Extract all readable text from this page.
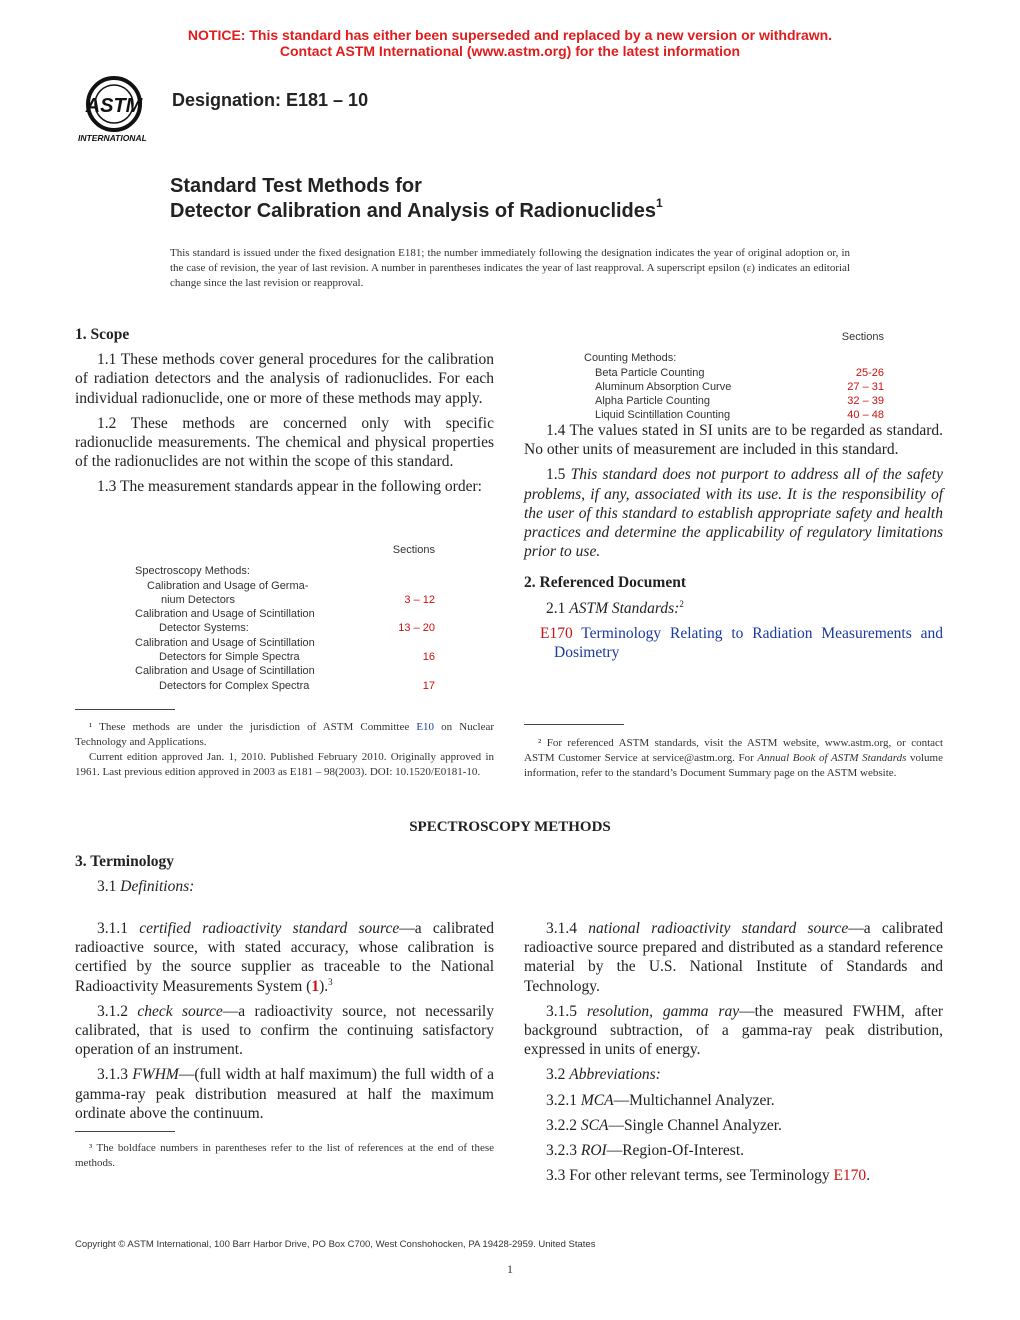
NOTICE: This standard has either been superseded and replaced by a new version or withdrawn.
Contact ASTM International (www.astm.org) for the latest information
ASTM
INTERNATIONAL
Designation: E181 – 10
Standard Test Methods for
Detector Calibration and Analysis of Radionuclides$^1$
This standard is issued under the fixed designation E181; the number immediately following the designation indicates the year of original adoption or, in the case of revision, the year of last revision. A number in parentheses indicates the year of last reapproval. A superscript epsilon (ε) indicates an editorial change since the last revision or reapproval.
1. Scope

1.1 These methods cover general procedures for the calibration of radiation detectors and the analysis of radionuclides. For each individual radionuclide, one or more of these methods may apply.

1.2 These methods are concerned only with specific radionuclide measurements. The chemical and physical properties of the radionuclides are not within the scope of this standard.

1.3 The measurement standards appear in the following order:

Sections
Spectroscopy Methods:
Calibration and Usage of Germa-
nium Detectors	3 – 12
Calibration and Usage of Scintillation
Detector Systems:	13 – 20
Calibration and Usage of Scintillation
Detectors for Simple Spectra	16
Calibration and Usage of Scintillation
Detectors for Complex Spectra	17

¹ These methods are under the jurisdiction of ASTM Committee E10 on Nuclear Technology and Applications.

Current edition approved Jan. 1, 2010. Published February 2010. Originally approved in 1961. Last previous edition approved in 2003 as E181 – 98(2003). DOI: 10.1520/E0181-10.

Sections
Counting Methods:
Beta Particle Counting	25-26
Aluminum Absorption Curve	27 – 31
Alpha Particle Counting	32 – 39
Liquid Scintillation Counting	40 – 48

1.4 The values stated in SI units are to be regarded as standard. No other units of measurement are included in this standard.

1.5 This standard does not purport to address all of the safety problems, if any, associated with its use. It is the responsibility of the user of this standard to establish appropriate safety and health practices and determine the applicability of regulatory limitations prior to use.

2. Referenced Document

2.1 ASTM Standards:$^2$

E170 Terminology Relating to Radiation Measurements and Dosimetry

² For referenced ASTM standards, visit the ASTM website, www.astm.org, or contact ASTM Customer Service at service@astm.org. For Annual Book of ASTM Standards volume information, refer to the standard’s Document Summary page on the ASTM website.

SPECTROSCOPY METHODS
3. Terminology

3.1 Definitions:

3.1.1 certified radioactivity standard source—a calibrated radioactive source, with stated accuracy, whose calibration is certified by the source supplier as traceable to the National Radioactivity Measurements System (1).$^3$

3.1.2 check source—a radioactivity source, not necessarily calibrated, that is used to confirm the continuing satisfactory operation of an instrument.

3.1.3 FWHM—(full width at half maximum) the full width of a gamma-ray peak distribution measured at half the maximum ordinate above the continuum.

³ The boldface numbers in parentheses refer to the list of references at the end of these methods.

3.1.4 national radioactivity standard source—a calibrated radioactive source prepared and distributed as a standard reference material by the U.S. National Institute of Standards and Technology.

3.1.5 resolution, gamma ray—the measured FWHM, after background subtraction, of a gamma-ray peak distribution, expressed in units of energy.

3.2 Abbreviations:

3.2.1 MCA—Multichannel Analyzer.

3.2.2 SCA—Single Channel Analyzer.

3.2.3 ROI—Region-Of-Interest.

3.3 For other relevant terms, see Terminology E170.

Copyright © ASTM International, 100 Barr Harbor Drive, PO Box C700, West Conshohocken, PA 19428-2959. United States
1
